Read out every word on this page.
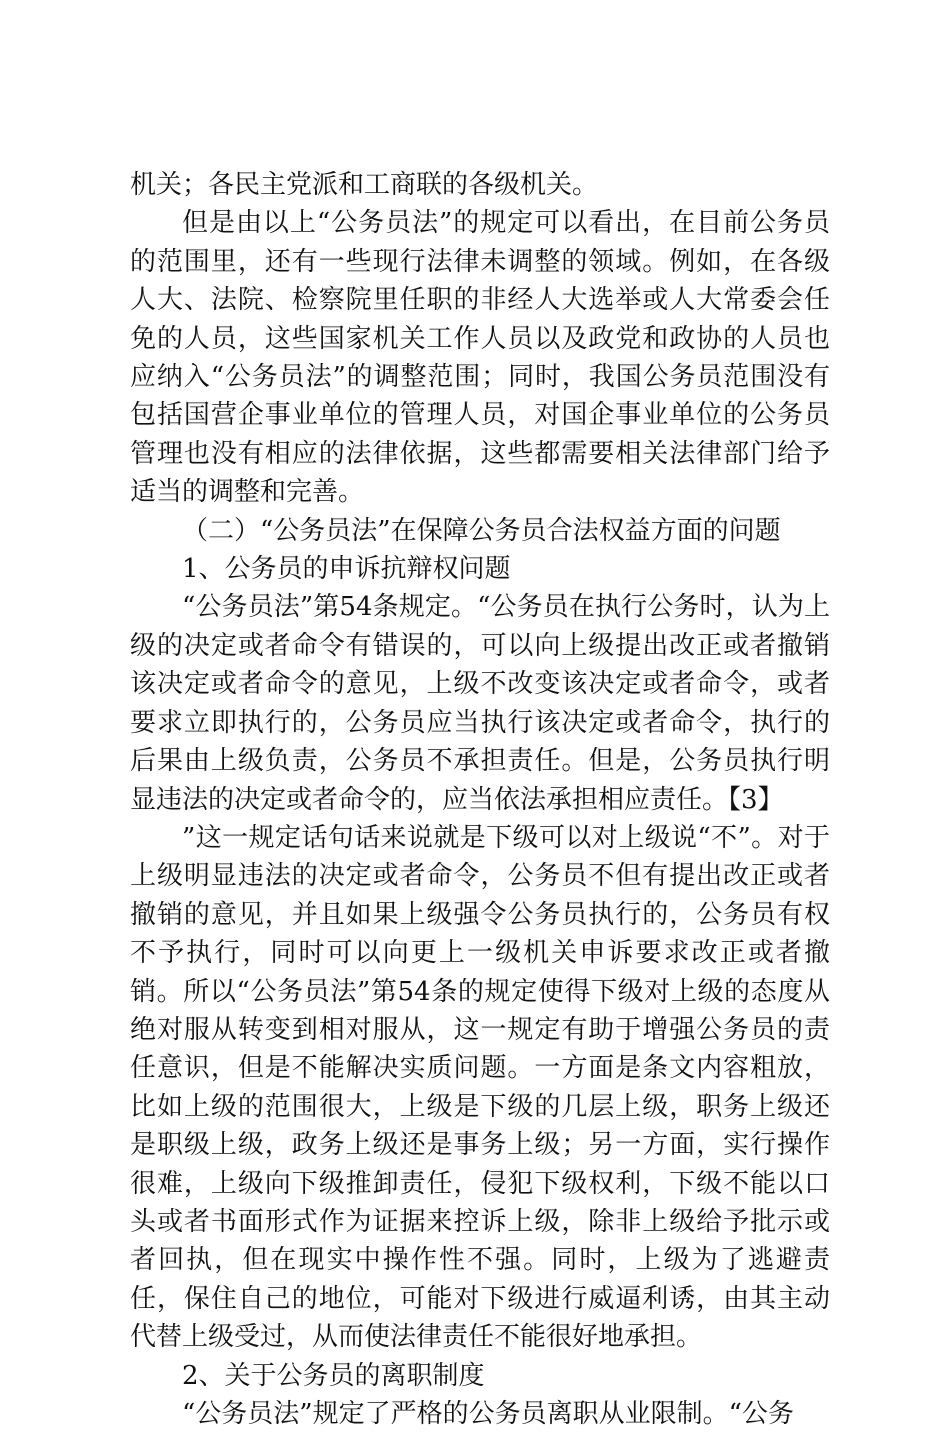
机关；各民主党派和工商联的各级机关。

但是由以上“公务员法”的规定可以看出，在目前公务员的范围里，还有一些现行法律未调整的领域。例如，在各级人大、法院、检察院里任职的非经人大选举或人大常委会任免的人员，这些国家机关工作人员以及政党和政协的人员也应纳入“公务员法”的调整范围；同时，我国公务员范围没有包括国营企事业单位的管理人员，对国企事业单位的公务员管理也没有相应的法律依据，这些都需要相关法律部门给予适当的调整和完善。

（二）“公务员法”在保障公务员合法权益方面的问题

1、公务员的申诉抗辩权问题

“公务员法”第54条规定。“公务员在执行公务时，认为上级的决定或者命令有错误的，可以向上级提出改正或者撤销该决定或者命令的意见，上级不改变该决定或者命令，或者要求立即执行的，公务员应当执行该决定或者命令，执行的后果由上级负责，公务员不承担责任。但是，公务员执行明显违法的决定或者命令的，应当依法承担相应责任。【3】

”这一规定话句话来说就是下级可以对上级说“不”。对于上级明显违法的决定或者命令，公务员不但有提出改正或者撤销的意见，并且如果上级强令公务员执行的，公务员有权不予执行，同时可以向更上一级机关申诉要求改正或者撤销。所以“公务员法”第54条的规定使得下级对上级的态度从绝对服从转变到相对服从，这一规定有助于增强公务员的责任意识，但是不能解决实质问题。一方面是条文内容粗放，比如上级的范围很大，上级是下级的几层上级，职务上级还是职级上级，政务上级还是事务上级；另一方面，实行操作很难，上级向下级推卸责任，侵犯下级权利，下级不能以口头或者书面形式作为证据来控诉上级，除非上级给予批示或者回执，但在现实中操作性不强。同时，上级为了逃避责任，保住自己的地位，可能对下级进行威逼利诱，由其主动代替上级受过，从而使法律责任不能很好地承担。

2、关于公务员的离职制度

“公务员法”规定了严格的公务员离职从业限制。“公务
